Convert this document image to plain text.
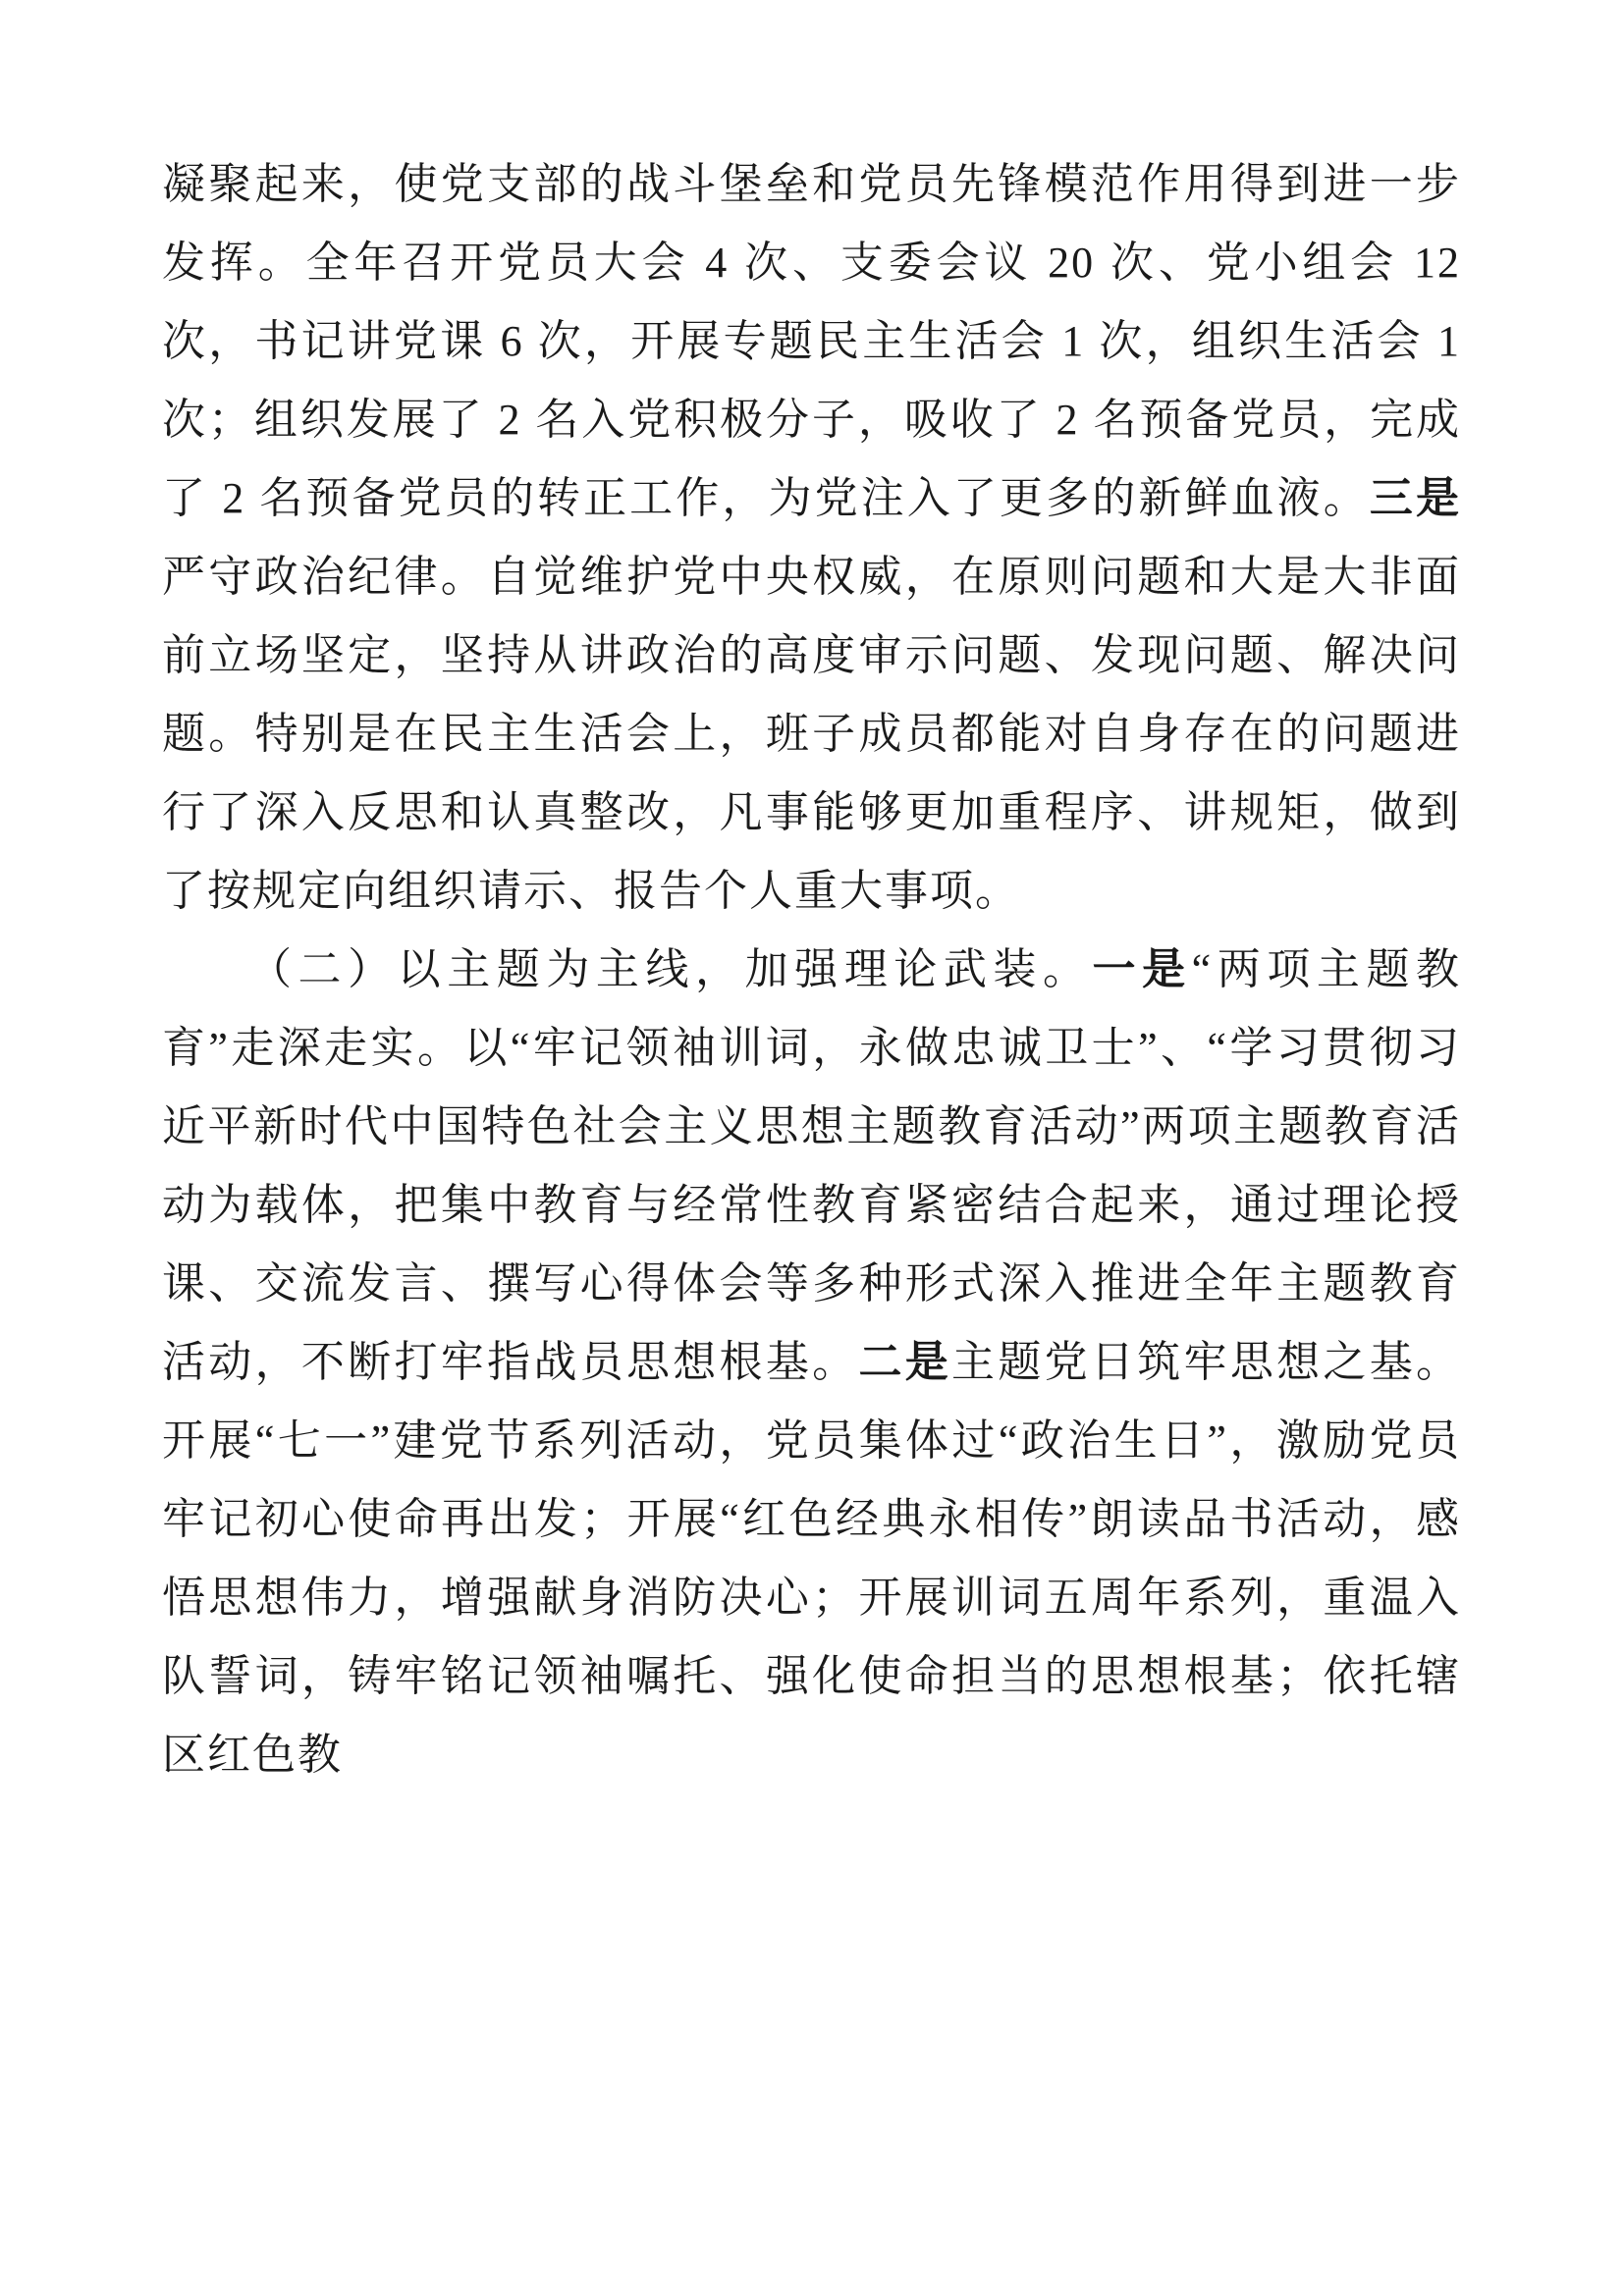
凝聚起来，使党支部的战斗堡垒和党员先锋模范作用得到进一步发挥。全年召开党员大会 4 次、支委会议 20 次、党小组会 12 次，书记讲党课 6 次，开展专题民主生活会 1 次，组织生活会 1 次；组织发展了 2 名入党积极分子，吸收了 2 名预备党员，完成了 2 名预备党员的转正工作，为党注入了更多的新鲜血液。三是严守政治纪律。自觉维护党中央权威，在原则问题和大是大非面前立场坚定，坚持从讲政治的高度审示问题、发现问题、解决问题。特别是在民主生活会上，班子成员都能对自身存在的问题进行了深入反思和认真整改，凡事能够更加重程序、讲规矩，做到了按规定向组织请示、报告个人重大事项。

（二）以主题为主线，加强理论武装。一是“两项主题教育”走深走实。以“牢记领袖训词，永做忠诚卫士”、“学习贯彻习近平新时代中国特色社会主义思想主题教育活动”两项主题教育活动为载体，把集中教育与经常性教育紧密结合起来，通过理论授课、交流发言、撰写心得体会等多种形式深入推进全年主题教育活动，不断打牢指战员思想根基。二是主题党日筑牢思想之基。开展“七一”建党节系列活动，党员集体过“政治生日”，激励党员牢记初心使命再出发；开展“红色经典永相传”朗读品书活动，感悟思想伟力，增强献身消防决心；开展训词五周年系列，重温入队誓词，铸牢铭记领袖嘱托、强化使命担当的思想根基；依托辖区红色教
